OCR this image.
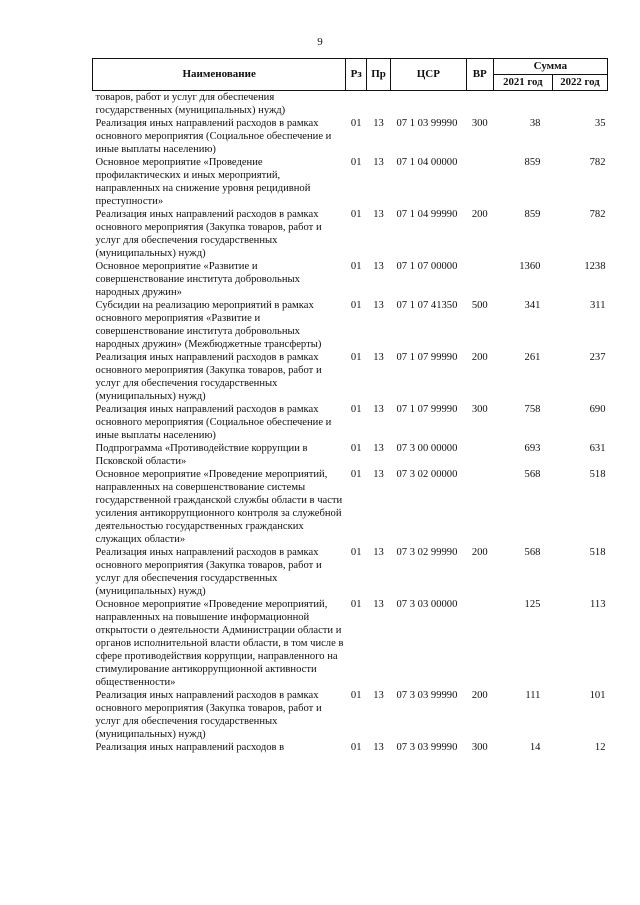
9
Наименование	Рз	Пр	ЦСР	ВР	Сумма	
					2021 год	2022 год
товаров, работ и услуг для обеспечения государственных (муниципальных) нужд)						
Реализация иных направлений расходов в рамках основного мероприятия (Социальное обеспечение и иные выплаты населению)	01	13	07 1 03 99990	300	38	35
Основное мероприятие «Проведение профилактических и иных мероприятий, направленных на снижение уровня рецидивной преступности»	01	13	07 1 04 00000		859	782
Реализация иных направлений расходов в рамках основного мероприятия (Закупка товаров, работ и услуг для обеспечения государственных (муниципальных) нужд)	01	13	07 1 04 99990	200	859	782
Основное мероприятие «Развитие и совершенствование института добровольных народных дружин»	01	13	07 1 07 00000		1360	1238
Субсидии на реализацию мероприятий в рамках основного мероприятия «Развитие и совершенствование института добровольных народных дружин» (Межбюджетные трансферты)	01	13	07 1 07 41350	500	341	311
Реализация иных направлений расходов в рамках основного мероприятия (Закупка товаров, работ и услуг для обеспечения государственных (муниципальных) нужд)	01	13	07 1 07 99990	200	261	237
Реализация иных направлений расходов в рамках основного мероприятия (Социальное обеспечение и иные выплаты населению)	01	13	07 1 07 99990	300	758	690
Подпрограмма «Противодействие коррупции в Псковской области»	01	13	07 3 00 00000		693	631
Основное мероприятие «Проведение мероприятий, направленных на совершенствование системы государственной гражданской службы области в части усиления антикоррупционного контроля за служебной деятельностью государственных гражданских служащих области»	01	13	07 3 02 00000		568	518
Реализация иных направлений расходов в рамках основного мероприятия (Закупка товаров, работ и услуг для обеспечения государственных (муниципальных) нужд)	01	13	07 3 02 99990	200	568	518
Основное мероприятие «Проведение мероприятий, направленных на повышение информационной открытости о деятельности Администрации области и органов исполнительной власти области, в том числе в сфере противодействия коррупции, направленного на стимулирование антикоррупционной активности общественности»	01	13	07 3 03 00000		125	113
Реализация иных направлений расходов в рамках основного мероприятия (Закупка товаров, работ и услуг для обеспечения государственных (муниципальных) нужд)	01	13	07 3 03 99990	200	111	101
Реализация иных направлений расходов в	01	13	07 3 03 99990	300	14	12
